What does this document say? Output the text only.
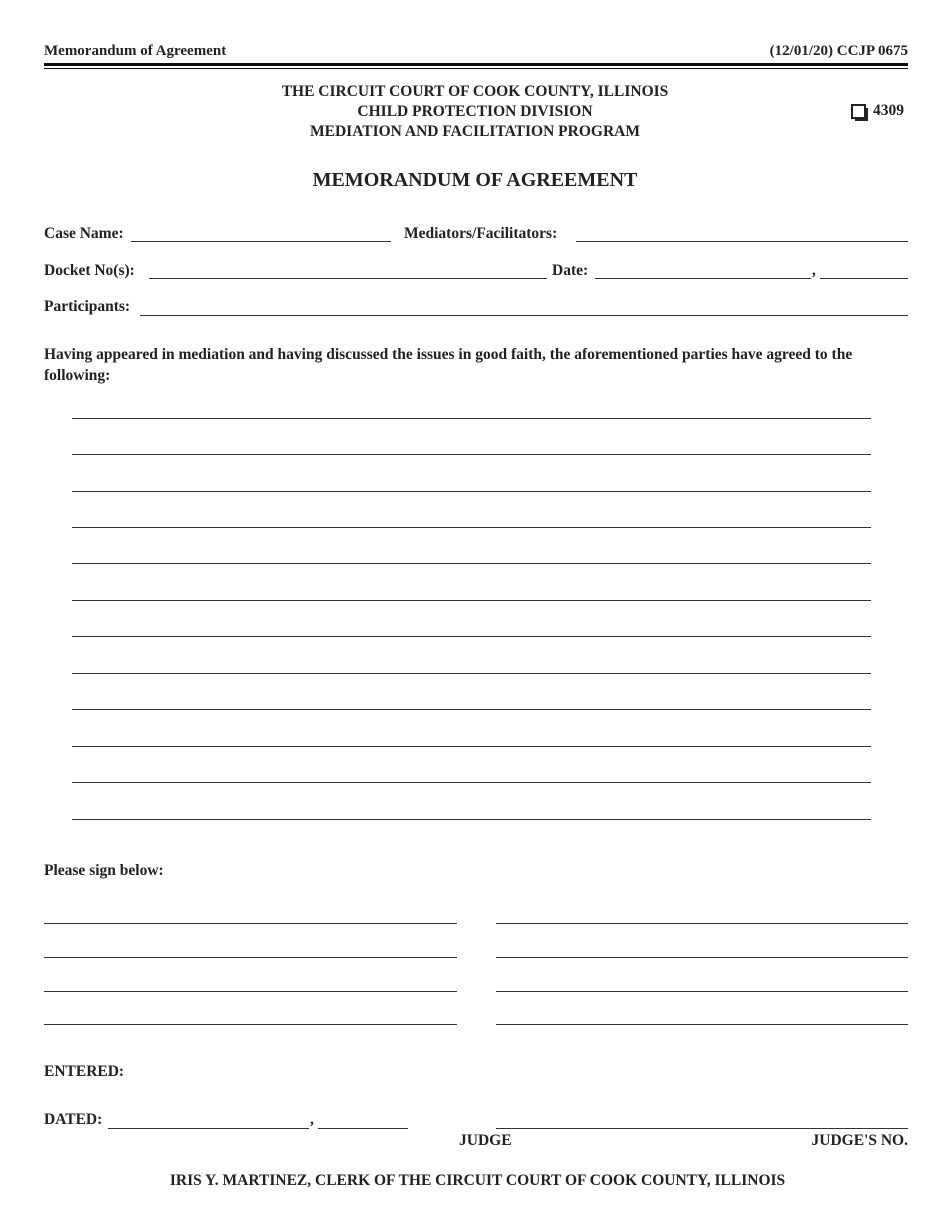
Memorandum of Agreement	(12/01/20) CCJP 0675
THE CIRCUIT COURT OF COOK COUNTY, ILLINOIS
CHILD PROTECTION DIVISION
MEDIATION AND FACILITATION PROGRAM
4309
MEMORANDUM OF AGREEMENT
Case Name:	Mediators/Facilitators:
Docket No(s):	Date:	,
Participants:
Having appeared in mediation and having discussed the issues in good faith, the aforementioned parties have agreed to the following:
Please sign below:
ENTERED:
DATED:	,
JUDGE	JUDGE'S NO.
IRIS Y. MARTINEZ, CLERK OF THE CIRCUIT COURT OF COOK COUNTY, ILLINOIS
